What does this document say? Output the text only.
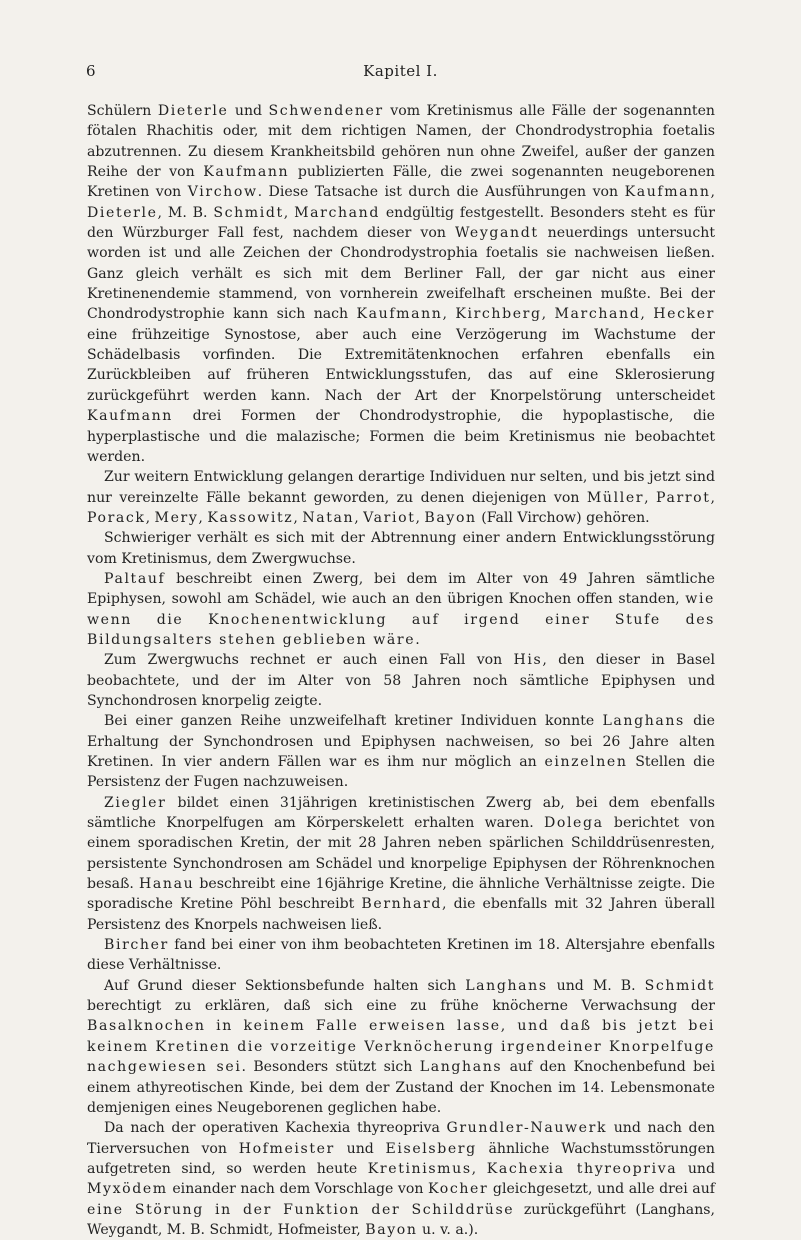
6	Kapitel I.

Schülern Dieterle und Schwendener vom Kretinismus alle Fälle der sogenannten fötalen Rhachitis oder, mit dem richtigen Namen, der Chondrodystrophia foetalis abzutrennen. Zu diesem Krankheitsbild gehören nun ohne Zweifel, außer der ganzen Reihe der von Kaufmann publizierten Fälle, die zwei sogenannten neugeborenen Kretinen von Virchow. Diese Tatsache ist durch die Ausführungen von Kaufmann, Dieterle, M. B. Schmidt, Marchand endgültig festgestellt. Besonders steht es für den Würzburger Fall fest, nachdem dieser von Weygandt neuerdings untersucht worden ist und alle Zeichen der Chondrodystrophia foetalis sie nachweisen ließen. Ganz gleich verhält es sich mit dem Berliner Fall, der gar nicht aus einer Kretinenendemie stammend, von vornherein zweifelhaft erscheinen mußte. Bei der Chondrodystrophie kann sich nach Kaufmann, Kirchberg, Marchand, Hecker eine frühzeitige Synostose, aber auch eine Verzögerung im Wachstume der Schädelbasis vorfinden. Die Extremitätenknochen erfahren ebenfalls ein Zurückbleiben auf früheren Entwicklungsstufen, das auf eine Sklerosierung zurückgeführt werden kann. Nach der Art der Knorpelstörung unterscheidet Kaufmann drei Formen der Chondrodystrophie, die hypoplastische, die hyperplastische und die malazische; Formen die beim Kretinismus nie beobachtet werden.

Zur weitern Entwicklung gelangen derartige Individuen nur selten, und bis jetzt sind nur vereinzelte Fälle bekannt geworden, zu denen diejenigen von Müller, Parrot, Porack, Mery, Kassowitz, Natan, Variot, Bayon (Fall Virchow) gehören.

Schwieriger verhält es sich mit der Abtrennung einer andern Entwicklungsstörung vom Kretinismus, dem Zwergwuchse.

Paltauf beschreibt einen Zwerg, bei dem im Alter von 49 Jahren sämtliche Epiphysen, sowohl am Schädel, wie auch an den übrigen Knochen offen standen, wie wenn die Knochenentwicklung auf irgend einer Stufe des Bildungsalters stehen geblieben wäre.

Zum Zwergwuchs rechnet er auch einen Fall von His, den dieser in Basel beobachtete, und der im Alter von 58 Jahren noch sämtliche Epiphysen und Synchondrosen knorpelig zeigte.

Bei einer ganzen Reihe unzweifelhaft kretiner Individuen konnte Langhans die Erhaltung der Synchondrosen und Epiphysen nachweisen, so bei 26 Jahre alten Kretinen. In vier andern Fällen war es ihm nur möglich an einzelnen Stellen die Persistenz der Fugen nachzuweisen.

Ziegler bildet einen 31jährigen kretinistischen Zwerg ab, bei dem ebenfalls sämtliche Knorpelfugen am Körperskelett erhalten waren. Dolega berichtet von einem sporadischen Kretin, der mit 28 Jahren neben spärlichen Schilddrüsenresten, persistente Synchondrosen am Schädel und knorpelige Epiphysen der Röhrenknochen besaß. Hanau beschreibt eine 16jährige Kretine, die ähnliche Verhältnisse zeigte. Die sporadische Kretine Pöhl beschreibt Bernhard, die ebenfalls mit 32 Jahren überall Persistenz des Knorpels nachweisen ließ.

Bircher fand bei einer von ihm beobachteten Kretinen im 18. Altersjahre ebenfalls diese Verhältnisse.

Auf Grund dieser Sektionsbefunde halten sich Langhans und M. B. Schmidt berechtigt zu erklären, daß sich eine zu frühe knöcherne Verwachsung der Basalknochen in keinem Falle erweisen lasse, und daß bis jetzt bei keinem Kretinen die vorzeitige Verknöcherung irgendeiner Knorpelfuge nachgewiesen sei. Besonders stützt sich Langhans auf den Knochenbefund bei einem athyreotischen Kinde, bei dem der Zustand der Knochen im 14. Lebensmonate demjenigen eines Neugeborenen geglichen habe.

Da nach der operativen Kachexia thyreopriva Grundler-Nauwerk und nach den Tierversuchen von Hofmeister und Eiselsberg ähnliche Wachstumsstörungen aufgetreten sind, so werden heute Kretinismus, Kachexia thyreopriva und Myxödem einander nach dem Vorschlage von Kocher gleichgesetzt, und alle drei auf eine Störung in der Funktion der Schilddrüse zurückgeführt (Langhans, Weygandt, M. B. Schmidt, Hofmeister, Bayon u. v. a.).
